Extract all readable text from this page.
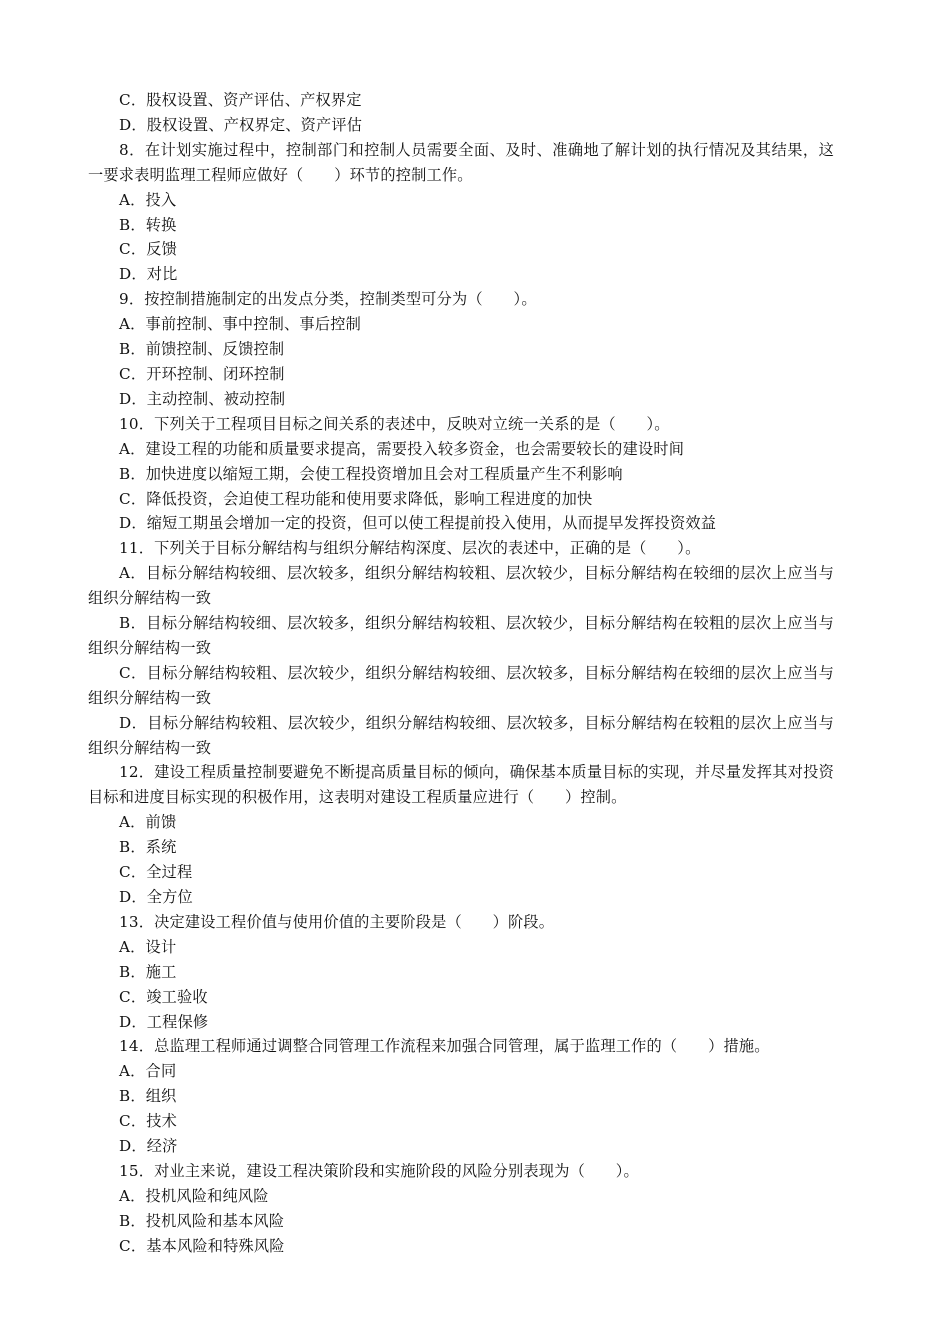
C．股权设置、资产评估、产权界定

D．股权设置、产权界定、资产评估

8．在计划实施过程中，控制部门和控制人员需要全面、及时、准确地了解计划的执行情况及其结果，这一要求表明监理工程师应做好（　　）环节的控制工作。

A．投入

B．转换

C．反馈

D．对比

9．按控制措施制定的出发点分类，控制类型可分为（　　）。

A．事前控制、事中控制、事后控制

B．前馈控制、反馈控制

C．开环控制、闭环控制

D．主动控制、被动控制

10．下列关于工程项目目标之间关系的表述中，反映对立统一关系的是（　　）。

A．建设工程的功能和质量要求提高，需要投入较多资金，也会需要较长的建设时间

B．加快进度以缩短工期，会使工程投资增加且会对工程质量产生不利影响

C．降低投资，会迫使工程功能和使用要求降低，影响工程进度的加快

D．缩短工期虽会增加一定的投资，但可以使工程提前投入使用，从而提早发挥投资效益

11．下列关于目标分解结构与组织分解结构深度、层次的表述中，正确的是（　　）。

A．目标分解结构较细、层次较多，组织分解结构较粗、层次较少，目标分解结构在较细的层次上应当与组织分解结构一致

B．目标分解结构较细、层次较多，组织分解结构较粗、层次较少，目标分解结构在较粗的层次上应当与组织分解结构一致

C．目标分解结构较粗、层次较少，组织分解结构较细、层次较多，目标分解结构在较细的层次上应当与组织分解结构一致

D．目标分解结构较粗、层次较少，组织分解结构较细、层次较多，目标分解结构在较粗的层次上应当与组织分解结构一致

12．建设工程质量控制要避免不断提高质量目标的倾向，确保基本质量目标的实现，并尽量发挥其对投资目标和进度目标实现的积极作用，这表明对建设工程质量应进行（　　）控制。

A．前馈

B．系统

C．全过程

D．全方位

13．决定建设工程价值与使用价值的主要阶段是（　　）阶段。

A．设计

B．施工

C．竣工验收

D．工程保修

14．总监理工程师通过调整合同管理工作流程来加强合同管理，属于监理工作的（　　）措施。

A．合同

B．组织

C．技术

D．经济

15．对业主来说，建设工程决策阶段和实施阶段的风险分别表现为（　　）。

A．投机风险和纯风险

B．投机风险和基本风险

C．基本风险和特殊风险
